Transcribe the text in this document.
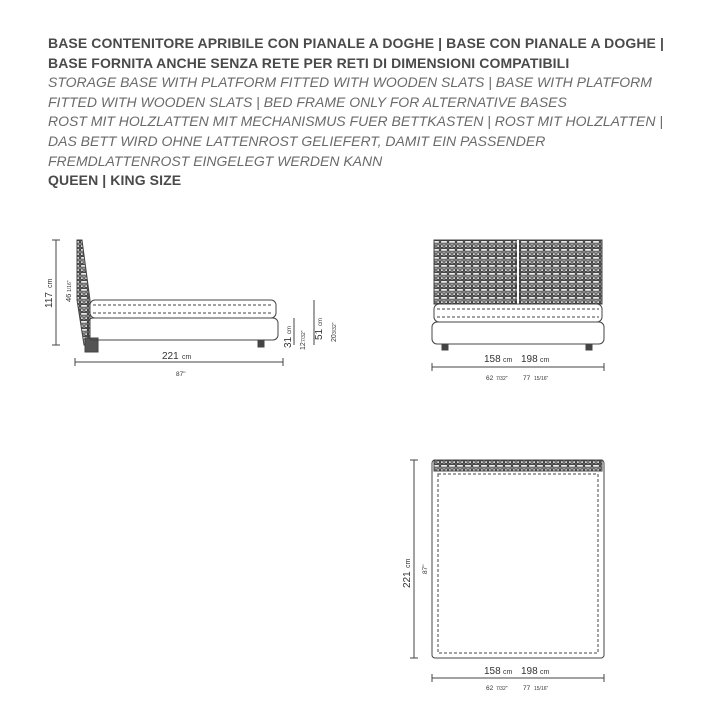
BASE CONTENITORE APRIBILE CON PIANALE A DOGHE | BASE CON PIANALE A DOGHE |
BASE FORNITA ANCHE SENZA RETE PER RETI DI DIMENSIONI COMPATIBILI
STORAGE BASE WITH PLATFORM FITTED WITH WOODEN SLATS | BASE WITH PLATFORM
FITTED WITH WOODEN SLATS | BED FRAME ONLY FOR ALTERNATIVE BASES
ROST MIT HOLZLATTEN MIT MECHANISMUS FUER BETTKASTEN | ROST MIT HOLZLATTEN |
DAS BETT WIRD OHNE LATTENROST GELIEFERT, DAMIT EIN PASSENDER
FREMDLATTENROST EINGELEGT WERDEN KANN
QUEEN | KING SIZE
117
cm
46
1/16"
221 cm
87"
31
cm
12
7/32" 51
cm
20
3/32"
158 cm 198 cm
62 7/32" 77 15/16"
221
cm
87"
158 cm 198 cm
62 7/32" 77 15/16"
